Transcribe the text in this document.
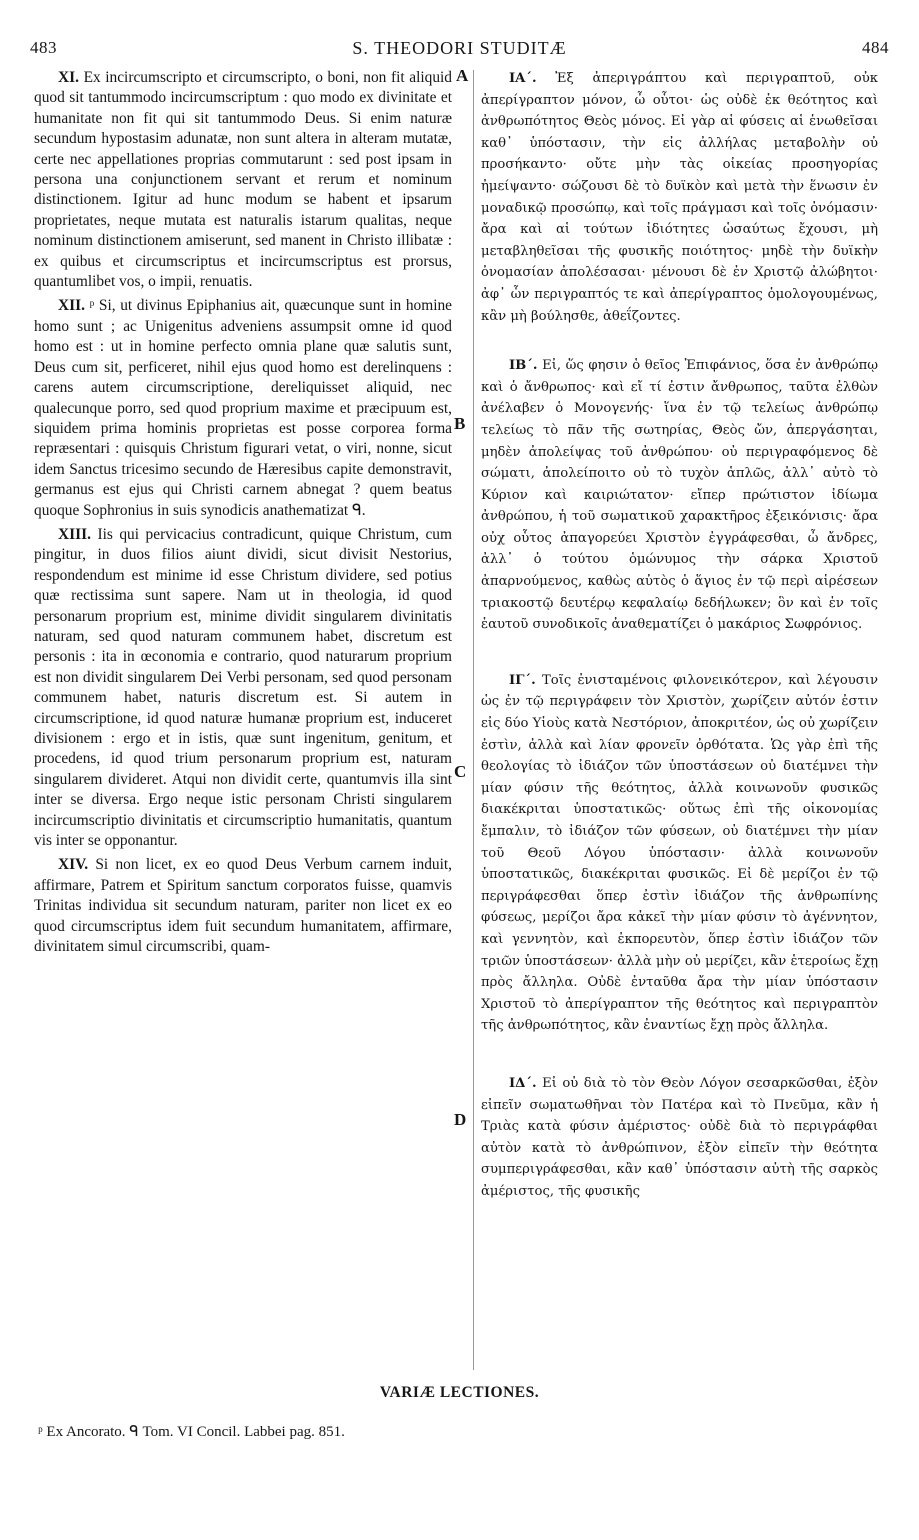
483	S. THEODORI STUDITÆ	484

XI. Ex incircumscripto et circumscripto, o boni, non fit aliquid quod sit tantummodo incircumscriptum : quo modo ex divinitate et humanitate non fit qui sit tantummodo Deus. Si enim naturæ secundum hypostasim adunatæ, non sunt altera in alteram mutatæ, certe nec appellationes proprias commutarunt : sed post ipsam in persona una conjunctionem servant et rerum et nominum distinctionem. Igitur ad hunc modum se habent et ipsarum proprietates, neque mutata est naturalis istarum qualitas, neque nominum distinctionem amiserunt, sed manent in Christo illibatæ : ex quibus et circumscriptus et incircumscriptus est prorsus, quantumlibet vos, o impii, renuatis.

XII. ᵖ Si, ut divinus Epiphanius ait, quæcunque sunt in homine homo sunt ; ac Unigenitus adveniens assumpsit omne id quod homo est : ut in homine perfecto omnia plane quæ salutis sunt, Deus cum sit, perficeret, nihil ejus quod homo est derelinquens : carens autem circumscriptione, dereliquisset aliquid, nec qualecunque porro, sed quod proprium maxime et præcipuum est, siquidem prima hominis proprietas est posse corporea forma repræsentari : quisquis Christum figurari vetat, o viri, nonne, sicut idem Sanctus tricesimo secundo de Hæresibus capite demonstravit, germanus est ejus qui Christi carnem abnegat ? quem beatus quoque Sophronius in suis synodicis anathematizat ᑫ.

XIII. Iis qui pervicacius contradicunt, quique Christum, cum pingitur, in duos filios aiunt dividi, sicut divisit Nestorius, respondendum est minime id esse Christum dividere, sed potius quæ rectissima sunt sapere. Nam ut in theologia, id quod personarum proprium est, minime dividit singularem divinitatis naturam, sed quod naturam communem habet, discretum est personis : ita in œconomia e contrario, quod naturarum proprium est non dividit singularem Dei Verbi personam, sed quod personam communem habet, naturis discretum est. Si autem in circumscriptione, id quod naturæ humanæ proprium est, induceret divisionem : ergo et in istis, quæ sunt ingenitum, genitum, et procedens, id quod trium personarum proprium est, naturam singularem divideret. Atqui non dividit certe, quantumvis illa sint inter se diversa. Ergo neque istic personam Christi singularem incircumscriptio divinitatis et circumscriptio humanitatis, quantum vis inter se opponantur.

XIV. Si non licet, ex eo quod Deus Verbum carnem induit, affirmare, Patrem et Spiritum sanctum corporatos fuisse, quamvis Trinitas individua sit secundum naturam, pariter non licet ex eo quod circumscriptus idem fuit secundum humanitatem, affirmare, divinitatem simul circumscribi, quam-

ΙΑ΄. Ἐξ ἀπεριγράπτου καὶ περιγραπτοῦ, οὐκ ἀπερίγραπτον μόνον, ὦ οὗτοι· ὡς οὐδὲ ἐκ θεότητος καὶ ἀνθρωπότητος Θεὸς μόνος. Εἰ γὰρ αἱ φύσεις αἱ ἑνωθεῖσαι καθ᾽ ὑπόστασιν, τὴν εἰς ἀλλήλας μεταβολὴν οὐ προσήκαντο· οὔτε μὴν τὰς οἰκείας προσηγορίας ἠμείψαντο· σώζουσι δὲ τὸ δυϊκὸν καὶ μετὰ τὴν ἕνωσιν ἐν μοναδικῷ προσώπῳ, καὶ τοῖς πράγμασι καὶ τοῖς ὀνόμασιν· ἄρα καὶ αἱ τούτων ἰδιότητες ὡσαύτως ἔχουσι, μὴ μεταβληθεῖσαι τῆς φυσικῆς ποιότητος· μηδὲ τὴν δυϊκὴν ὀνομασίαν ἀπολέσασαι· μένουσι δὲ ἐν Χριστῷ ἀλώβητοι· ἀφ᾽ ὧν περιγραπτός τε καὶ ἀπερίγραπτος ὁμολογουμένως, κἂν μὴ βούλησθε, ἀθεΐζοντες.

ΙΒ΄. Εἰ, ὥς φησιν ὁ θεῖος Ἐπιφάνιος, ὅσα ἐν ἀνθρώπῳ καὶ ὁ ἄνθρωπος· καὶ εἴ τί ἐστιν ἄνθρωπος, ταῦτα ἐλθὼν ἀνέλαβεν ὁ Μονογενής· ἵνα ἐν τῷ τελείως ἀνθρώπῳ τελείως τὸ πᾶν τῆς σωτηρίας, Θεὸς ὤν, ἀπεργάσηται, μηδὲν ἀπολείψας τοῦ ἀνθρώπου· οὐ περιγραφόμενος δὲ σώματι, ἀπολείποιτο οὐ τὸ τυχὸν ἁπλῶς, ἀλλ᾽ αὐτὸ τὸ Κύριον καὶ καιριώτατον· εἴπερ πρώτιστον ἰδίωμα ἀνθρώπου, ἡ τοῦ σωματικοῦ χαρακτῆρος ἐξεικόνισις· ἄρα οὐχ οὗτος ἀπαγορεύει Χριστὸν ἐγγράφεσθαι, ὦ ἄνδρες, ἀλλ᾽ ὁ τούτου ὁμώνυμος τὴν σάρκα Χριστοῦ ἀπαρνούμενος, καθὼς αὐτὸς ὁ ἅγιος ἐν τῷ περὶ αἱρέσεων τριακοστῷ δευτέρῳ κεφαλαίῳ δεδήλωκεν; ὃν καὶ ἐν τοῖς ἑαυτοῦ συνοδικοῖς ἀναθεματίζει ὁ μακάριος Σωφρόνιος.

ΙΓ΄. Τοῖς ἐνισταμένοις φιλονεικότερον, καὶ λέγουσιν ὡς ἐν τῷ περιγράφειν τὸν Χριστὸν, χωρίζειν αὐτόν ἐστιν εἰς δύο Υἱοὺς κατὰ Νεστόριον, ἀποκριτέον, ὡς οὐ χωρίζειν ἐστὶν, ἀλλὰ καὶ λίαν φρονεῖν ὀρθότατα. Ὡς γὰρ ἐπὶ τῆς θεολογίας τὸ ἰδιάζον τῶν ὑποστάσεων οὐ διατέμνει τὴν μίαν φύσιν τῆς θεότητος, ἀλλὰ κοινωνοῦν φυσικῶς διακέκριται ὑποστατικῶς· οὕτως ἐπὶ τῆς οἰκονομίας ἔμπαλιν, τὸ ἰδιάζον τῶν φύσεων, οὐ διατέμνει τὴν μίαν τοῦ Θεοῦ Λόγου ὑπόστασιν· ἀλλὰ κοινωνοῦν ὑποστατικῶς, διακέκριται φυσικῶς. Εἰ δὲ μερίζοι ἐν τῷ περιγράφεσθαι ὅπερ ἐστὶν ἰδιάζον τῆς ἀνθρωπίνης φύσεως, μερίζοι ἄρα κἀκεῖ τὴν μίαν φύσιν τὸ ἀγέννητον, καὶ γεννητὸν, καὶ ἐκπορευτὸν, ὅπερ ἐστὶν ἰδιάζον τῶν τριῶν ὑποστάσεων· ἀλλὰ μὴν οὐ μερίζει, κἂν ἑτεροίως ἔχῃ πρὸς ἄλληλα. Οὐδὲ ἐνταῦθα ἄρα τὴν μίαν ὑπόστασιν Χριστοῦ τὸ ἀπερίγραπτον τῆς θεότητος καὶ περιγραπτὸν τῆς ἀνθρωπότητος, κἂν ἐναντίως ἔχῃ πρὸς ἄλληλα.

ΙΔ΄. Εἰ οὐ διὰ τὸ τὸν Θεὸν Λόγον σεσαρκῶσθαι, ἐξὸν εἰπεῖν σωματωθῆναι τὸν Πατέρα καὶ τὸ Πνεῦμα, κἂν ἡ Τριὰς κατὰ φύσιν ἀμέριστος· οὐδὲ διὰ τὸ περιγράφθαι αὐτὸν κατὰ τὸ ἀνθρώπινον, ἐξὸν εἰπεῖν τὴν θεότητα συμπεριγράφεσθαι, κἂν καθ᾽ ὑπόστασιν αὐτὴ τῆς σαρκὸς ἀμέριστος, τῆς φυσικῆς

A
B
C
D
VARIÆ LECTIONES.
ᵖ Ex Ancorato. ᑫ Tom. VI Concil. Labbei pag. 851.
